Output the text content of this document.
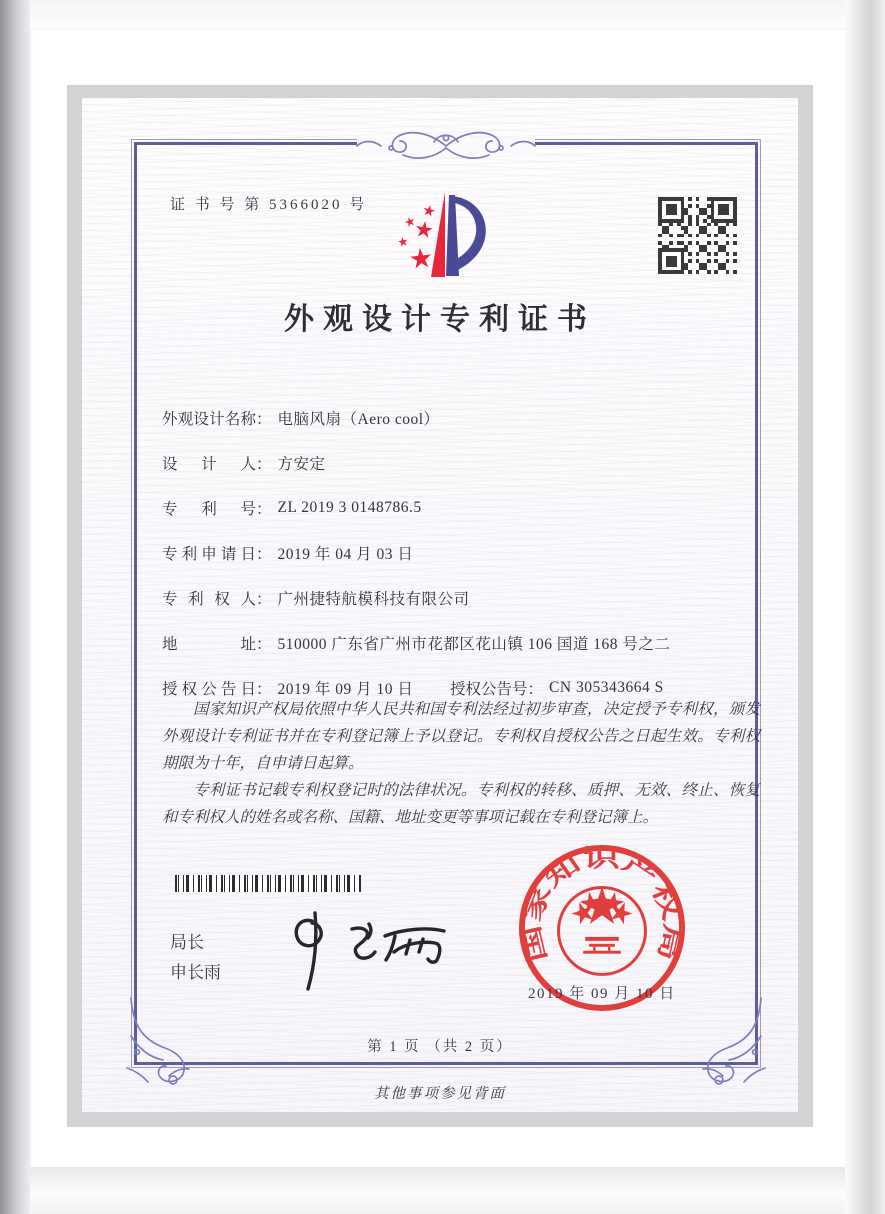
证 书 号 第 5366020 号
外观设计专利证书
外观设计名称 ： 电脑风扇（Aero cool）
设计人 ： 方安定
专利号 ： ZL 2019 3 0148786.5
专利申请日 ： 2019 年 04 月 03 日
专利权人 ： 广州捷特航模科技有限公司
地址 ： 510000 广东省广州市花都区花山镇 106 国道 168 号之二
授权公告日 ： 2019 年 09 月 10 日 授权公告号 ： CN 305343664 S

国家知识产权局依照中华人民共和国专利法经过初步审查，决定授予专利权，颁发外观设计专利证书并在专利登记簿上予以登记。专利权自授权公告之日起生效。专利权期限为十年，自申请日起算。

专利证书记载专利权登记时的法律状况。专利权的转移、质押、无效、终止、恢复和专利权人的姓名或名称、国籍、地址变更等事项记载在专利登记簿上。

局长
申长雨
国家知识产权局
2019 年 09 月 10 日
第 1 页 （共 2 页）
其他事项参见背面
